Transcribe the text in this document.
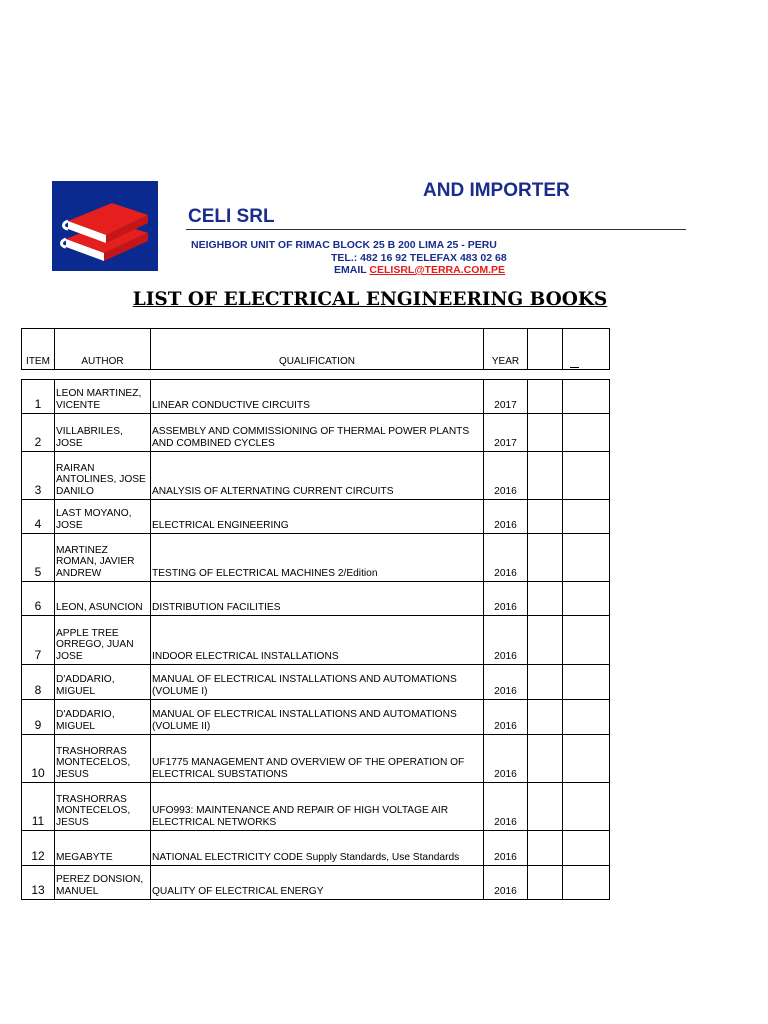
AND IMPORTER
CELI SRL
NEIGHBOR UNIT OF RIMAC BLOCK 25 B 200 LIMA 25 - PERU
TEL.: 482 16 92 TELEFAX 483 02 68
EMAIL CELISRL@TERRA.COM.PE
LIST OF ELECTRICAL ENGINEERING BOOKS
ITEM	AUTHOR	QUALIFICATION	YEAR		
1	LEON MARTINEZ, VICENTE	LINEAR CONDUCTIVE CIRCUITS	2017		
2	VILLABRILES, JOSE	ASSEMBLY AND COMMISSIONING OF THERMAL POWER PLANTS AND COMBINED CYCLES	2017		
3	RAIRAN ANTOLINES, JOSE DANILO	ANALYSIS OF ALTERNATING CURRENT CIRCUITS	2016		
4	LAST MOYANO, JOSE	ELECTRICAL ENGINEERING	2016		
5	MARTINEZ ROMAN, JAVIER ANDREW	TESTING OF ELECTRICAL MACHINES 2/Edition	2016		
6	LEON, ASUNCION	DISTRIBUTION FACILITIES	2016		
7	APPLE TREE ORREGO, JUAN JOSE	INDOOR ELECTRICAL INSTALLATIONS	2016		
8	D'ADDARIO, MIGUEL	MANUAL OF ELECTRICAL INSTALLATIONS AND AUTOMATIONS (VOLUME I)	2016		
9	D'ADDARIO, MIGUEL	MANUAL OF ELECTRICAL INSTALLATIONS AND AUTOMATIONS (VOLUME II)	2016		
10	TRASHORRAS MONTECELOS, JESUS	UF1775 MANAGEMENT AND OVERVIEW OF THE OPERATION OF ELECTRICAL SUBSTATIONS	2016		
11	TRASHORRAS MONTECELOS, JESUS	UFO993: MAINTENANCE AND REPAIR OF HIGH VOLTAGE AIR ELECTRICAL NETWORKS	2016		
12	MEGABYTE	NATIONAL ELECTRICITY CODE Supply Standards, Use Standards	2016		
13	PEREZ DONSION, MANUEL	QUALITY OF ELECTRICAL ENERGY	2016		
